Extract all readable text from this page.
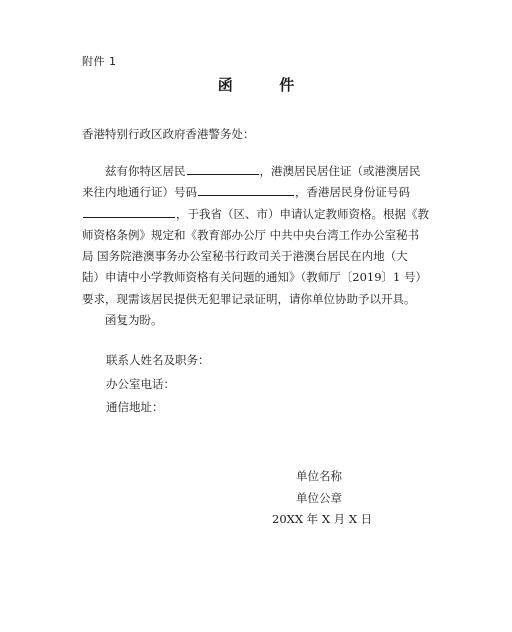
附件 1
函  件
香港特别行政区政府香港警务处：
兹有你特区居民	，港澳居民居住证（或港澳居民
来往内地通行证）号码	，香港居民身份证号码
，于我省（区、市）申请认定教师资格。根据《教
师资格条例》规定和《教育部办公厅 中共中央台湾工作办公室秘书
局 国务院港澳事务办公室秘书行政司关于港澳台居民在内地（大
陆）申请中小学教师资格有关问题的通知》（教师厅〔2019〕1 号）
要求，现需该居民提供无犯罪记录证明，请你单位协助予以开具。
函复为盼。
联系人姓名及职务：
办公室电话：
通信地址：
单位名称
单位公章
20XX 年 X 月 X 日
